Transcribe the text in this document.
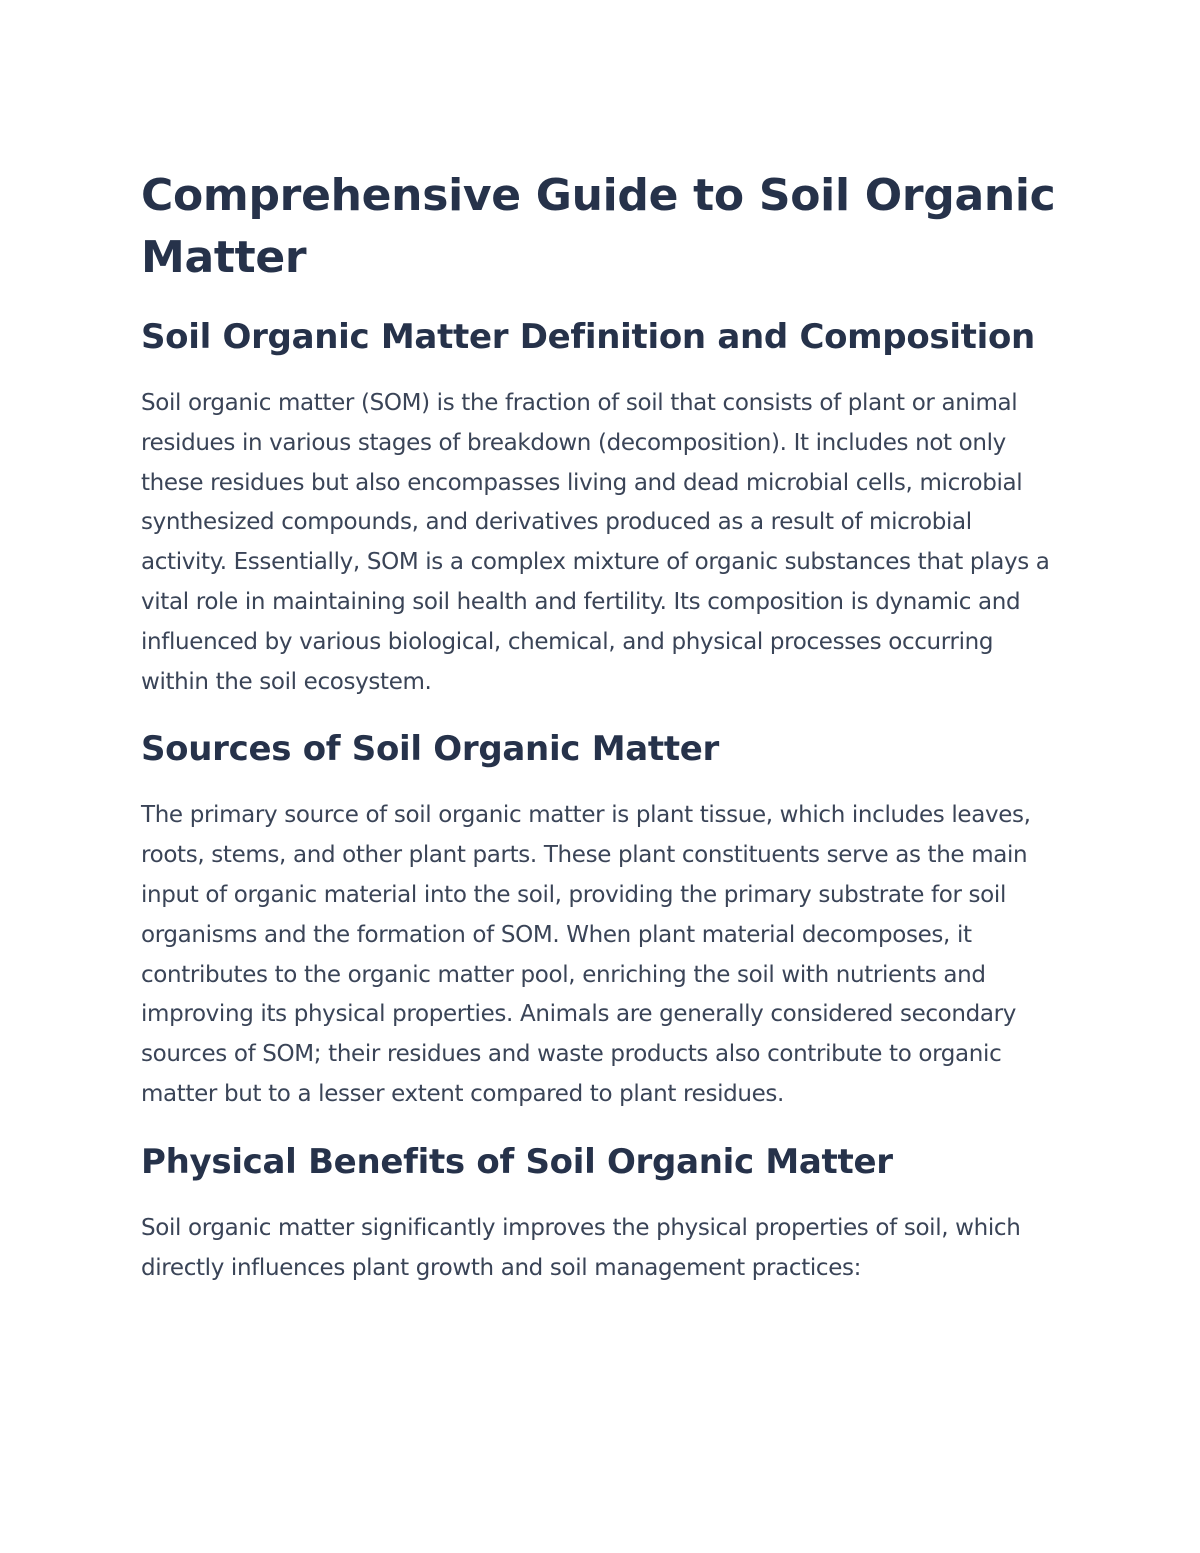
Comprehensive Guide to Soil Organic Matter
Soil Organic Matter Definition and Composition

Soil organic matter (SOM) is the fraction of soil that consists of plant or animal residues in various stages of breakdown (decomposition). It includes not only these residues but also encompasses living and dead microbial cells, microbial synthesized compounds, and derivatives produced as a result of microbial activity. Essentially, SOM is a complex mixture of organic substances that plays a vital role in maintaining soil health and fertility. Its composition is dynamic and influenced by various biological, chemical, and physical processes occurring within the soil ecosystem.

Sources of Soil Organic Matter

The primary source of soil organic matter is plant tissue, which includes leaves, roots, stems, and other plant parts. These plant constituents serve as the main input of organic material into the soil, providing the primary substrate for soil organisms and the formation of SOM. When plant material decomposes, it contributes to the organic matter pool, enriching the soil with nutrients and improving its physical properties. Animals are generally considered secondary sources of SOM; their residues and waste products also contribute to organic matter but to a lesser extent compared to plant residues.

Physical Benefits of Soil Organic Matter

Soil organic matter significantly improves the physical properties of soil, which directly influences plant growth and soil management practices:
